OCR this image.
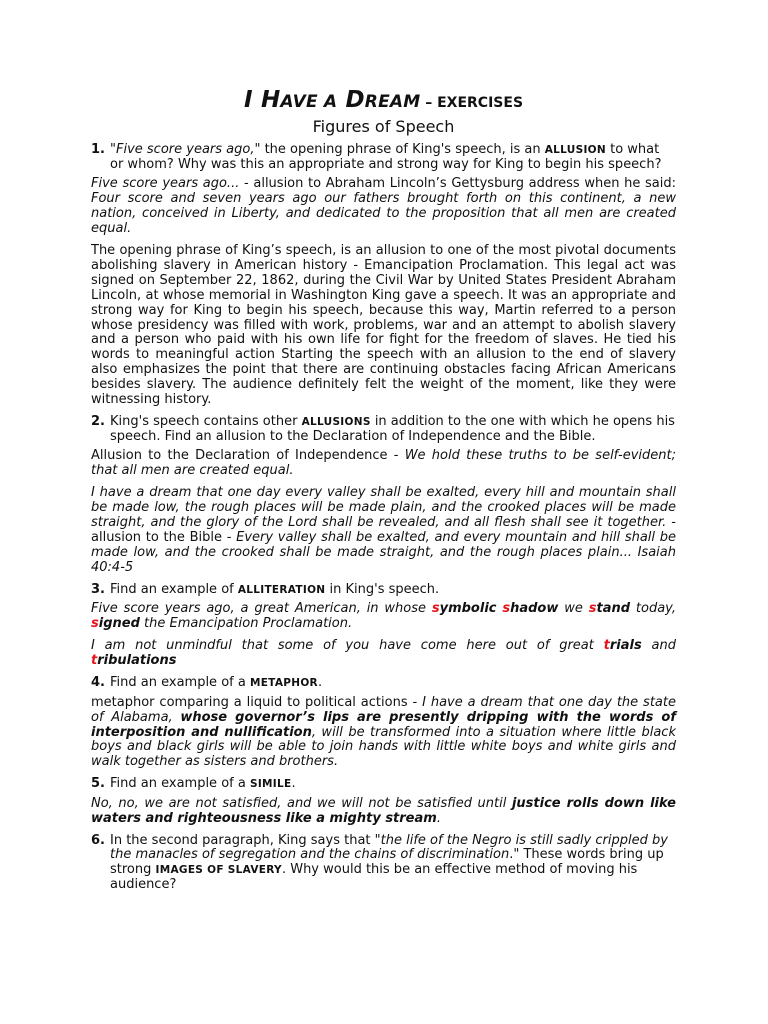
I HAVE A DREAM – EXERCISES
Figures of Speech
1. "Five score years ago," the opening phrase of King's speech, is an ALLUSION to what or whom? Why was this an appropriate and strong way for King to begin his speech?

Five score years ago... - allusion to Abraham Lincoln’s Gettysburg address when he said: Four score and seven years ago our fathers brought forth on this continent, a new nation, conceived in Liberty, and dedicated to the proposition that all men are created equal.

The opening phrase of King’s speech, is an allusion to one of the most pivotal documents abolishing slavery in American history - Emancipation Proclamation. This legal act was signed on September 22, 1862, during the Civil War by United States President Abraham Lincoln, at whose memorial in Washington King gave a speech. It was an appropriate and strong way for King to begin his speech, because this way, Martin referred to a person whose presidency was filled with work, problems, war and an attempt to abolish slavery and a person who paid with his own life for fight for the freedom of slaves. He tied his words to meaningful action Starting the speech with an allusion to the end of slavery also emphasizes the point that there are continuing obstacles facing African Americans besides slavery. The audience definitely felt the weight of the moment, like they were witnessing history.

2. King's speech contains other ALLUSIONS in addition to the one with which he opens his speech. Find an allusion to the Declaration of Independence and the Bible.

Allusion to the Declaration of Independence - We hold these truths to be self-evident; that all men are created equal.

I have a dream that one day every valley shall be exalted, every hill and mountain shall be made low, the rough places will be made plain, and the crooked places will be made straight, and the glory of the Lord shall be revealed, and all flesh shall see it together. - allusion to the Bible - Every valley shall be exalted, and every mountain and hill shall be made low, and the crooked shall be made straight, and the rough places plain... Isaiah 40:4-5

3. Find an example of ALLITERATION in King's speech.

Five score years ago, a great American, in whose symbolic shadow we stand today, signed the Emancipation Proclamation.

I am not unmindful that some of you have come here out of great trials and tribulations

4. Find an example of a METAPHOR.

metaphor comparing a liquid to political actions - I have a dream that one day the state of Alabama, whose governor’s lips are presently dripping with the words of interposition and nullification, will be transformed into a situation where little black boys and black girls will be able to join hands with little white boys and white girls and walk together as sisters and brothers.

5. Find an example of a SIMILE.

No, no, we are not satisfied, and we will not be satisfied until justice rolls down like waters and righteousness like a mighty stream.

6. In the second paragraph, King says that "the life of the Negro is still sadly crippled by the manacles of segregation and the chains of discrimination." These words bring up strong IMAGES OF SLAVERY. Why would this be an effective method of moving his audience?
